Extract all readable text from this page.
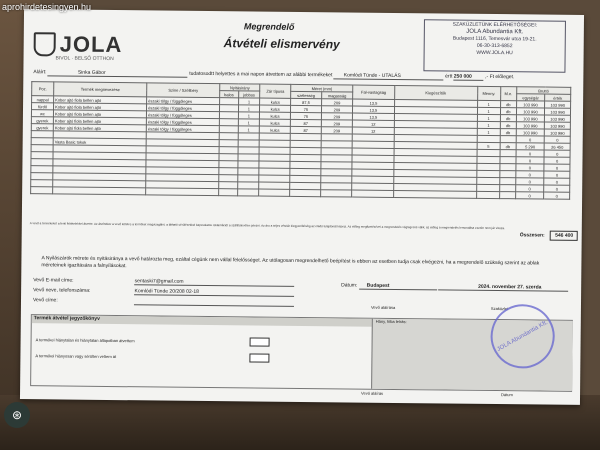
aprohirdetesingyen.hu
JOLA
BIVOL · BELSŐ OTTHON
Megrendelő
Átvételi elismervény
SZAKÜZLETÜNK ELÉRHETŐSÉGEI:
JOLA Abundantia Kft.
Budapest 1116, Temesvár utca 19-21.
06-30-313-6852
WWW.JOLA.HU
Aláírt:	Sinka Gábor	tudatosodtt helyettes a mai napon átvettem az alábbi termékeket Komlódi Tünde - UTALÁS	értt 250 000	,- Ft előleget.
Poz.	Termék megnevezése	Szine / Szélibéry	Nyitásirány		Zár típusa	Méret (mm)		Fal-vastagság	Kiegészítők	Menny.	M.e.	Bruttó	
			balos	jobbos		szélesség	magasság					egységár	érték
nappal	Kober ajtó fiola bellen ajtó	északi tölgy / függőleges		1	kulcs	87,5	209	13,5		1	db	103 990	103 990
fürdő	Kober ajtó fiola bellen ajtó	északi tölgy / függőleges		1	kulcs	75	209	13,5		1	db	103 990	103 990
wc	Kober ajtó fiola bellen ajtó	északi tölgy / függőleges		1	kulcs	75	209	13,5		1	db	103 990	103 990
gyerek	Kober ajtó fiola bellen ajtó	északi tölgy / függőleges		1	kulcs	87	209	12		1	db	103 990	103 990
gyerek	Kober ajtó fiola bellen ajtó	északi tölgy / függőleges		1	kulcs	87	209	12		1	db	103 990	103 990
												0	0
	Vasta Basic tokok									5	db	5 290	26 450
												0	0
												0	0
												0	0
												0	0
												0	0
												0	0
												0	0
A vevő a termékeket a fenti feltételekkel átvette. Az átvételkor a vevő köteles a terméket megvizsgálni, a látható sérülésekkel kapcsolatos reklamációt a szállítólevélen jelezni. Az áru a teljes vételár kiegyenlítéséig az eladó tulajdonát képezi. Az előleg megfizetésével a megrendelés véglegessé válik, az előleg a megrendelés lemondása esetén nem jár vissza.
Összesen: 546 400
A Nyilászárók mérete és nyitásiránya a vevő határozta meg, ezáltal cégünk nem vállal felelősséget. Az utólagosan megrendelhető beépítést is ebben az esetben tudja csak elvégezni, ha a megrendelő szükség szerint az ablak méreteinek igazítására a falnyílásokat.
Vevő E-mail címe:	sentaski7@gmail.com
Vevő neve, telefonszáma:	Komlódi Tünde 20/208 02-18
Vevő címe:
Dátum: Budapest	2024. november 27. szerda
Vevő aláírása	Szaküzlet
Termék átvétel jegyzőkönyv
A termékei hiánytalan és hiánytalan állapotban átvettem
A termékei hiányosan vagy sérülten vettem át
Hány, hiba leírás:
Vevő aláírás	Dátum
JOLA Abundantia Kft.
⊛
